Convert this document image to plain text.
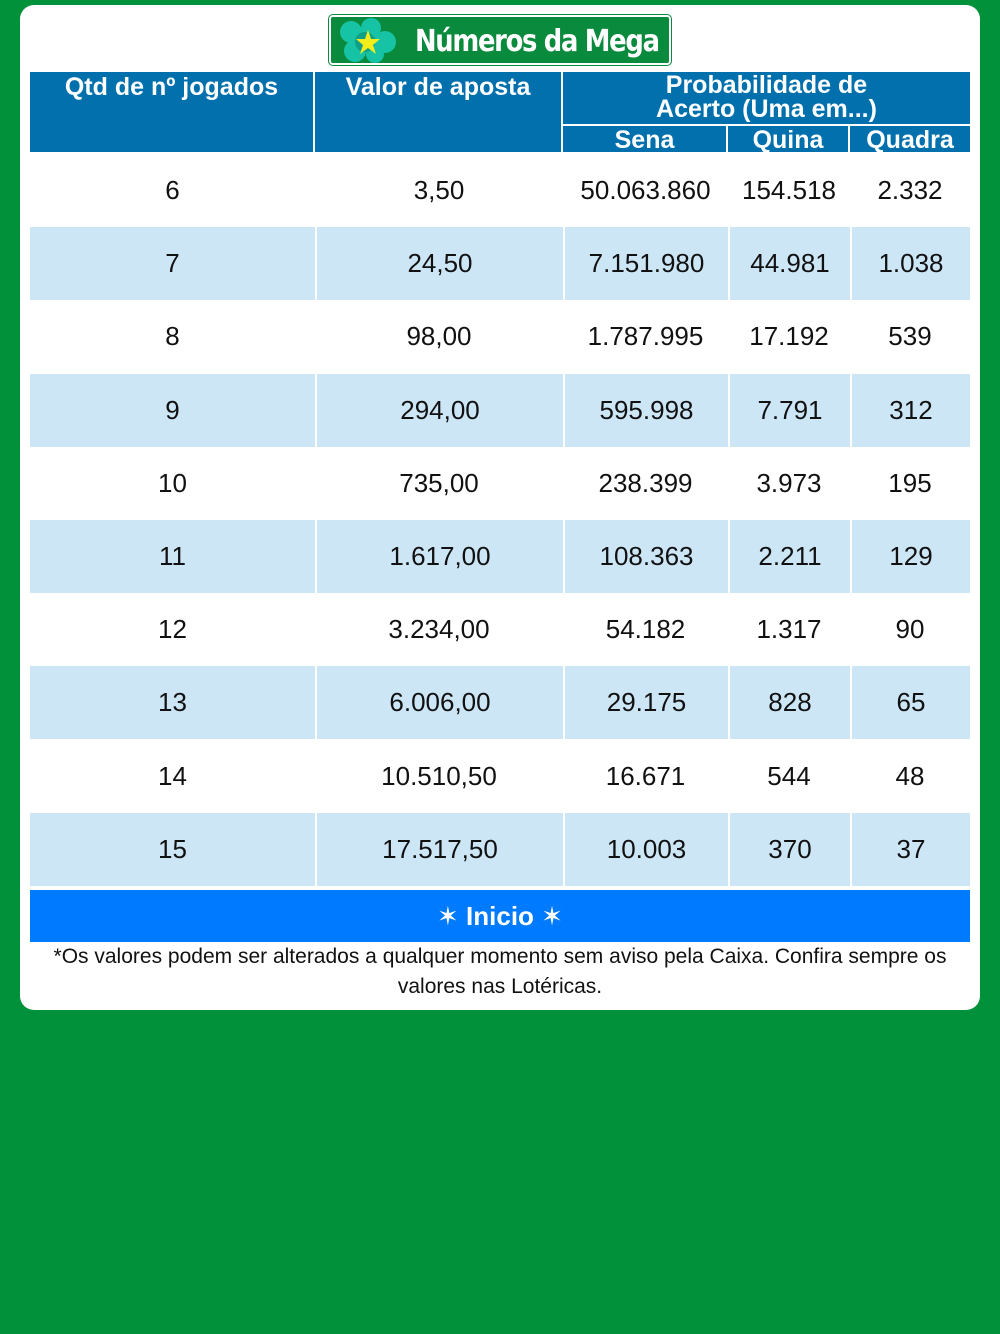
Números da Mega
Qtd de nº jogados	Valor de aposta	Probabilidade de Acerto (Uma em...)
Sena	Quina	Quadra
6	3,50	50.063.860	154.518	2.332
7	24,50	7.151.980	44.981	1.038
8	98,00	1.787.995	17.192	539
9	294,00	595.998	7.791	312
10	735,00	238.399	3.973	195
11	1.617,00	108.363	2.211	129
12	3.234,00	54.182	1.317	90
13	6.006,00	29.175	828	65
14	10.510,50	16.671	544	48
15	17.517,50	10.003	370	37
✶ Inicio ✶
*Os valores podem ser alterados a qualquer momento sem aviso pela Caixa. Confira sempre os valores nas Lotéricas.
